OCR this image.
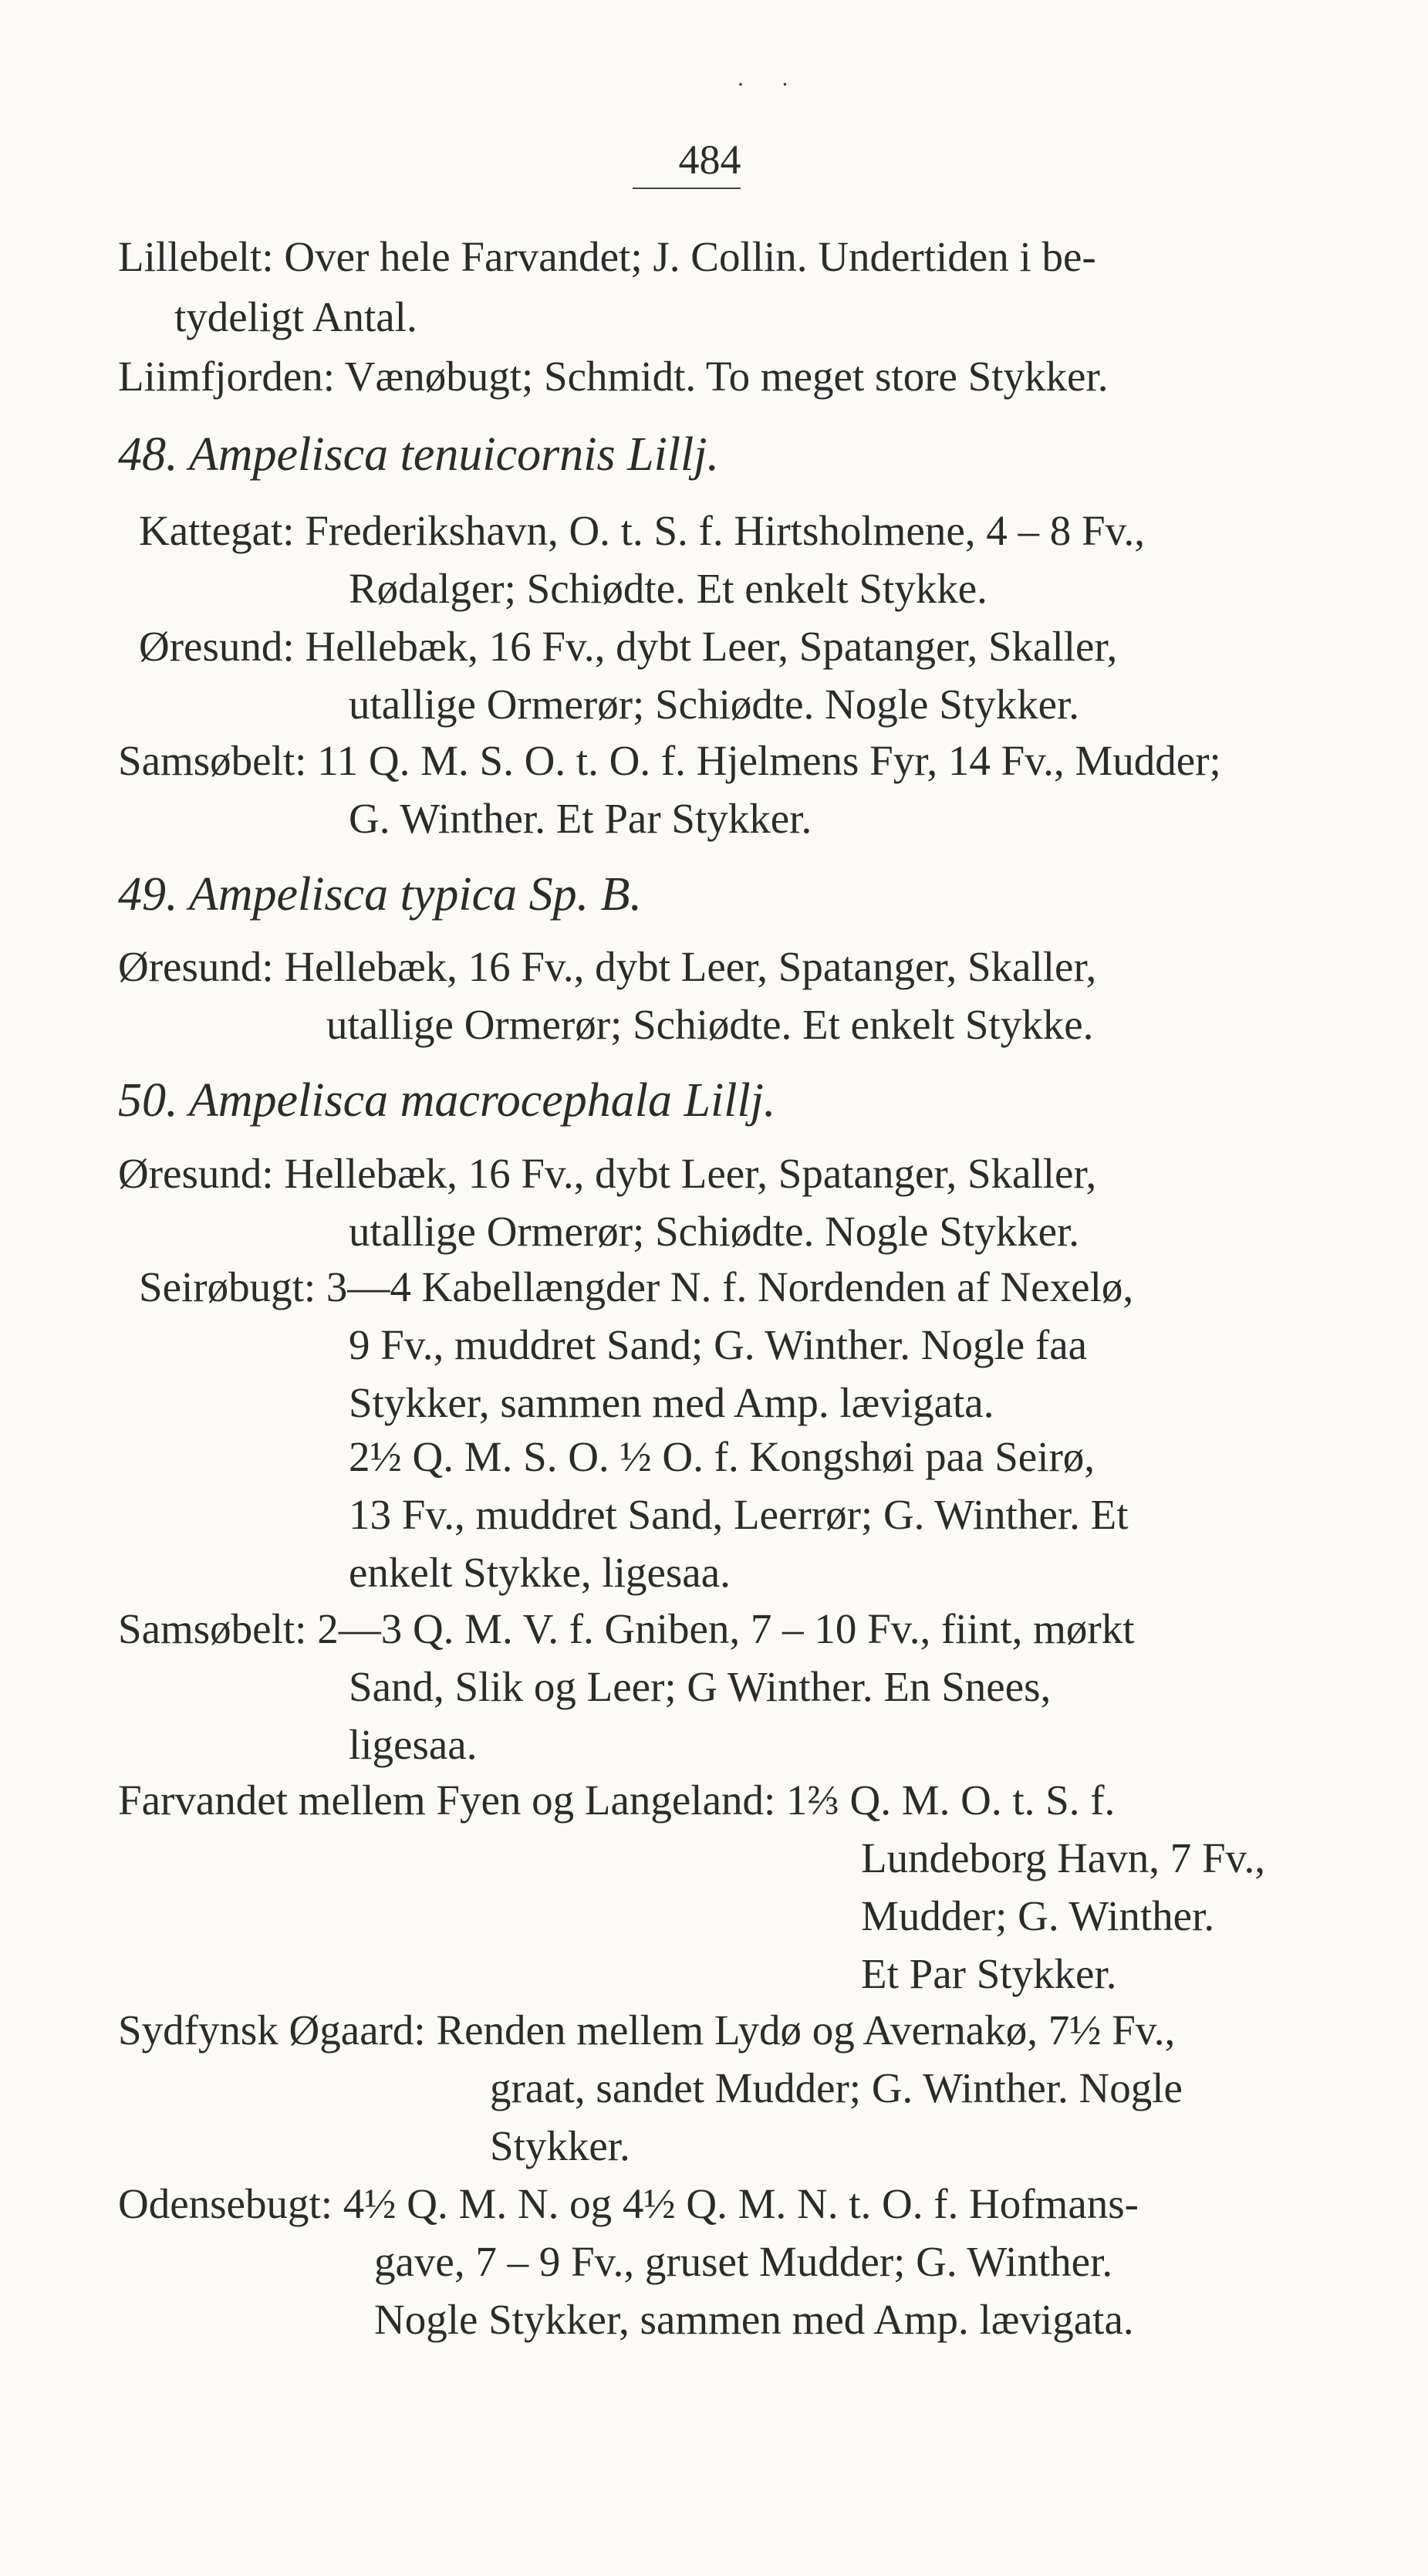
· ·
484
Lillebelt: Over hele Farvandet; J. Collin. Undertiden i be-
tydeligt Antal.
Liimfjorden: Vænøbugt; Schmidt. To meget store Stykker.
48. Ampelisca tenuicornis Lillj.
Kattegat: Frederikshavn, O. t. S. f. Hirtsholmene, 4 – 8 Fv.,
Rødalger; Schiødte. Et enkelt Stykke.
Øresund: Hellebæk, 16 Fv., dybt Leer, Spatanger, Skaller,
utallige Ormerør; Schiødte. Nogle Stykker.
Samsøbelt: 11 Q. M. S. O. t. O. f. Hjelmens Fyr, 14 Fv., Mudder;
G. Winther. Et Par Stykker.
49. Ampelisca typica Sp. B.
Øresund: Hellebæk, 16 Fv., dybt Leer, Spatanger, Skaller,
utallige Ormerør; Schiødte. Et enkelt Stykke.
50. Ampelisca macrocephala Lillj.
Øresund: Hellebæk, 16 Fv., dybt Leer, Spatanger, Skaller,
utallige Ormerør; Schiødte. Nogle Stykker.
Seirøbugt: 3—4 Kabellængder N. f. Nordenden af Nexelø,
9 Fv., muddret Sand; G. Winther. Nogle faa
Stykker, sammen med Amp. lævigata.
2½ Q. M. S. O. ½ O. f. Kongshøi paa Seirø,
13 Fv., muddret Sand, Leerrør; G. Winther. Et
enkelt Stykke, ligesaa.
Samsøbelt: 2—3 Q. M. V. f. Gniben, 7 – 10 Fv., fiint, mørkt
Sand, Slik og Leer; G Winther. En Snees,
ligesaa.
Farvandet mellem Fyen og Langeland: 1⅔ Q. M. O. t. S. f.
Lundeborg Havn, 7 Fv.,
Mudder; G. Winther.
Et Par Stykker.
Sydfynsk Øgaard: Renden mellem Lydø og Avernakø, 7½ Fv.,
graat, sandet Mudder; G. Winther. Nogle
Stykker.
Odensebugt: 4½ Q. M. N. og 4½ Q. M. N. t. O. f. Hofmans-
gave, 7 – 9 Fv., gruset Mudder; G. Winther.
Nogle Stykker, sammen med Amp. lævigata.
